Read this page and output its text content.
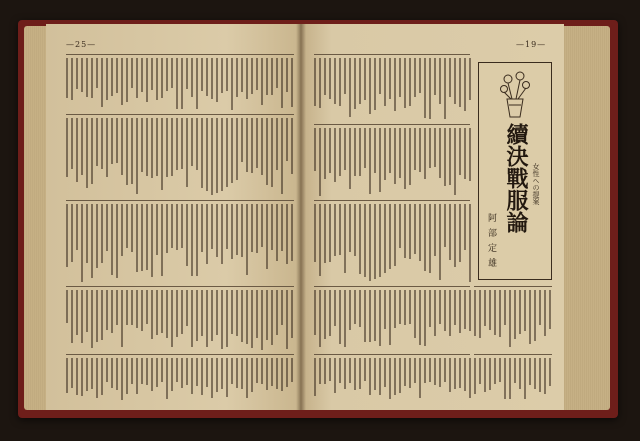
—25—	—19—
續決戰服論 女性への提案
阿部定雄
